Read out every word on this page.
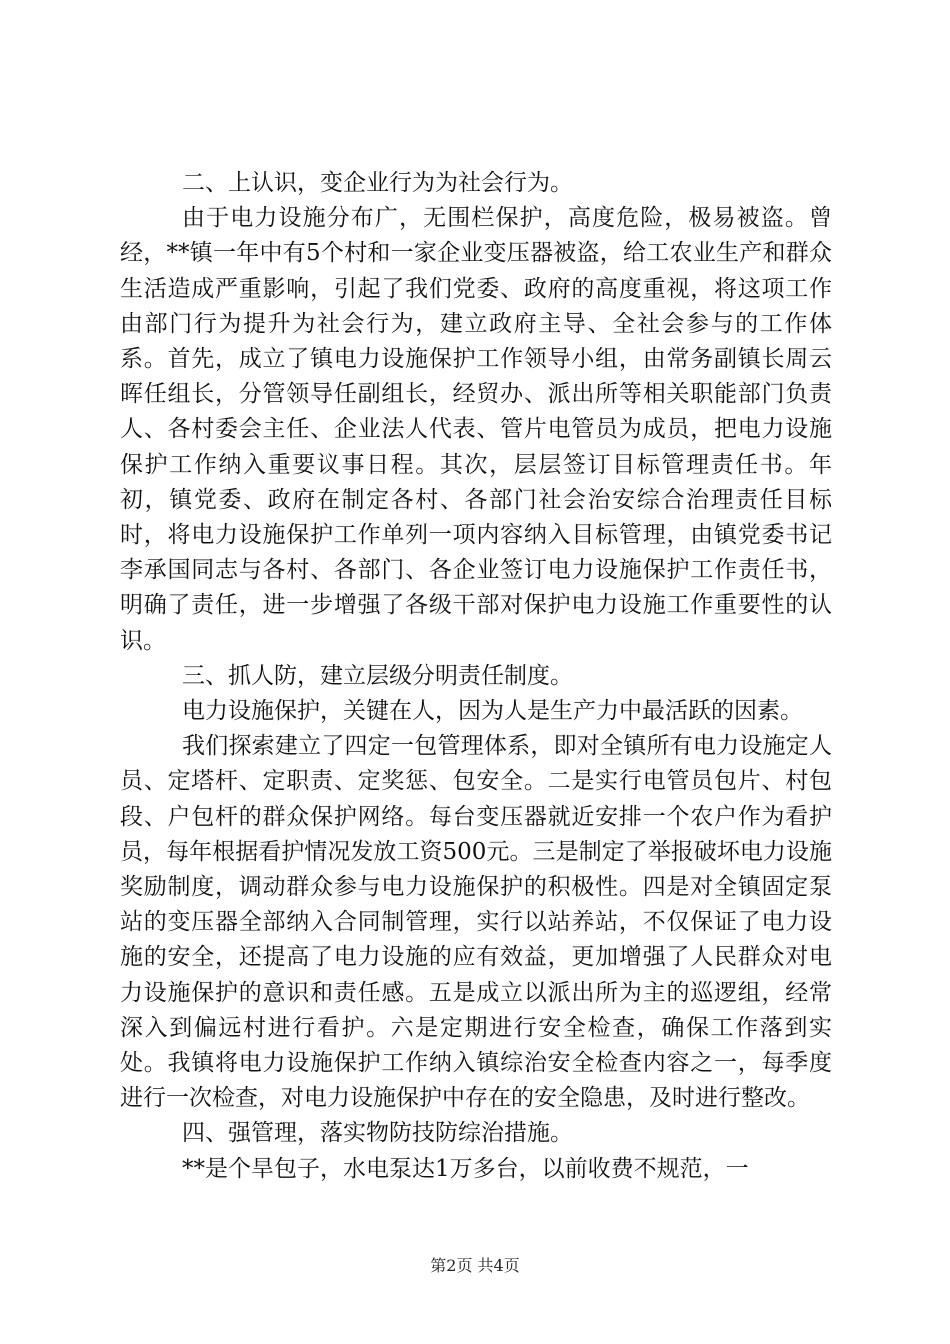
二、上认识，变企业行为为社会行为。

由于电力设施分布广，无围栏保护，高度危险，极易被盗。曾经，**镇一年中有5个村和一家企业变压器被盗，给工农业生产和群众生活造成严重影响，引起了我们党委、政府的高度重视，将这项工作由部门行为提升为社会行为，建立政府主导、全社会参与的工作体系。首先，成立了镇电力设施保护工作领导小组，由常务副镇长周云晖任组长，分管领导任副组长，经贸办、派出所等相关职能部门负责人、各村委会主任、企业法人代表、管片电管员为成员，把电力设施保护工作纳入重要议事日程。其次，层层签订目标管理责任书。年初，镇党委、政府在制定各村、各部门社会治安综合治理责任目标时，将电力设施保护工作单列一项内容纳入目标管理，由镇党委书记李承国同志与各村、各部门、各企业签订电力设施保护工作责任书，明确了责任，进一步增强了各级干部对保护电力设施工作重要性的认识。

三、抓人防，建立层级分明责任制度。

电力设施保护，关键在人，因为人是生产力中最活跃的因素。

我们探索建立了四定一包管理体系，即对全镇所有电力设施定人员、定塔杆、定职责、定奖惩、包安全。二是实行电管员包片、村包段、户包杆的群众保护网络。每台变压器就近安排一个农户作为看护员，每年根据看护情况发放工资500元。三是制定了举报破坏电力设施奖励制度，调动群众参与电力设施保护的积极性。四是对全镇固定泵站的变压器全部纳入合同制管理，实行以站养站，不仅保证了电力设施的安全，还提高了电力设施的应有效益，更加增强了人民群众对电力设施保护的意识和责任感。五是成立以派出所为主的巡逻组，经常深入到偏远村进行看护。六是定期进行安全检查，确保工作落到实处。我镇将电力设施保护工作纳入镇综治安全检查内容之一，每季度进行一次检查，对电力设施保护中存在的安全隐患，及时进行整改。

四、强管理，落实物防技防综治措施。

**是个旱包子，水电泵达1万多台，以前收费不规范，一

第2页 共4页
